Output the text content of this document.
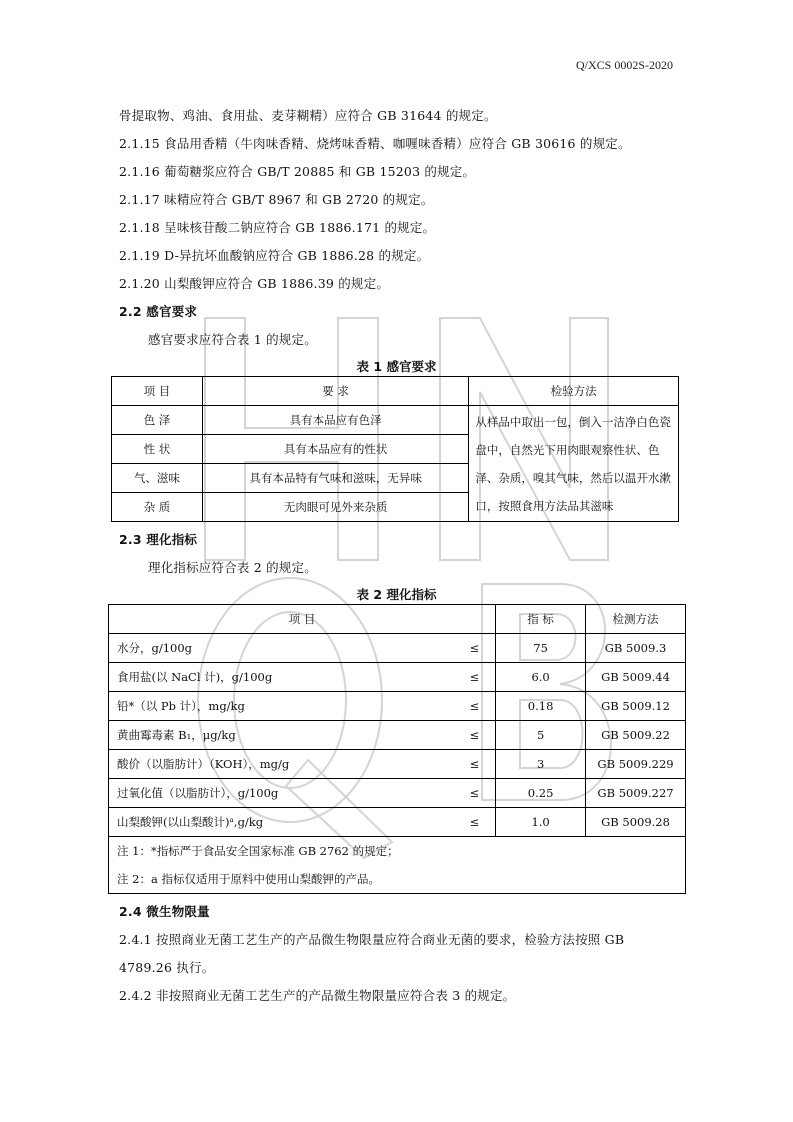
Q/XCS 0002S-2020
骨提取物、鸡油、食用盐、麦芽糊精）应符合 GB 31644 的规定。
2.1.15 食品用香精（牛肉味香精、烧烤味香精、咖喱味香精）应符合 GB 30616 的规定。
2.1.16 葡萄糖浆应符合 GB/T 20885 和 GB 15203 的规定。
2.1.17 味精应符合 GB/T 8967 和 GB 2720 的规定。
2.1.18 呈味核苷酸二钠应符合 GB 1886.171 的规定。
2.1.19 D-异抗坏血酸钠应符合 GB 1886.28 的规定。
2.1.20 山梨酸钾应符合 GB 1886.39 的规定。
2.2 感官要求
感官要求应符合表 1 的规定。
表 1 感官要求
项 目	要 求	检验方法
色 泽	具有本品应有色泽	从样品中取出一包，倒入一洁净白色瓷盘中，自然光下用肉眼观察性状、色泽、杂质，嗅其气味，然后以温开水漱口，按照食用方法品其滋味
性 状	具有本品应有的性状	
气、滋味	具有本品特有气味和滋味，无异味	
杂 质	无肉眼可见外来杂质	
2.3 理化指标
理化指标应符合表 2 的规定。
表 2 理化指标
项 目		指 标	检测方法
水分，g/100g	≤	75	GB 5009.3
食用盐(以 NaCl 计)，g/100g	≤	6.0	GB 5009.44
铅*（以 Pb 计），mg/kg	≤	0.18	GB 5009.12
黄曲霉毒素 B₁，μg/kg	≤	5	GB 5009.22
酸价（以脂肪计）（KOH），mg/g	≤	3	GB 5009.229
过氧化值（以脂肪计），g/100g	≤	0.25	GB 5009.227
山梨酸钾(以山梨酸计)ᵃ,g/kg	≤	1.0	GB 5009.28
注 1：*指标严于食品安全国家标准 GB 2762 的规定；			
注 2：a 指标仅适用于原料中使用山梨酸钾的产品。			
2.4 微生物限量
2.4.1 按照商业无菌工艺生产的产品微生物限量应符合商业无菌的要求，检验方法按照 GB
4789.26 执行。
2.4.2 非按照商业无菌工艺生产的产品微生物限量应符合表 3 的规定。
